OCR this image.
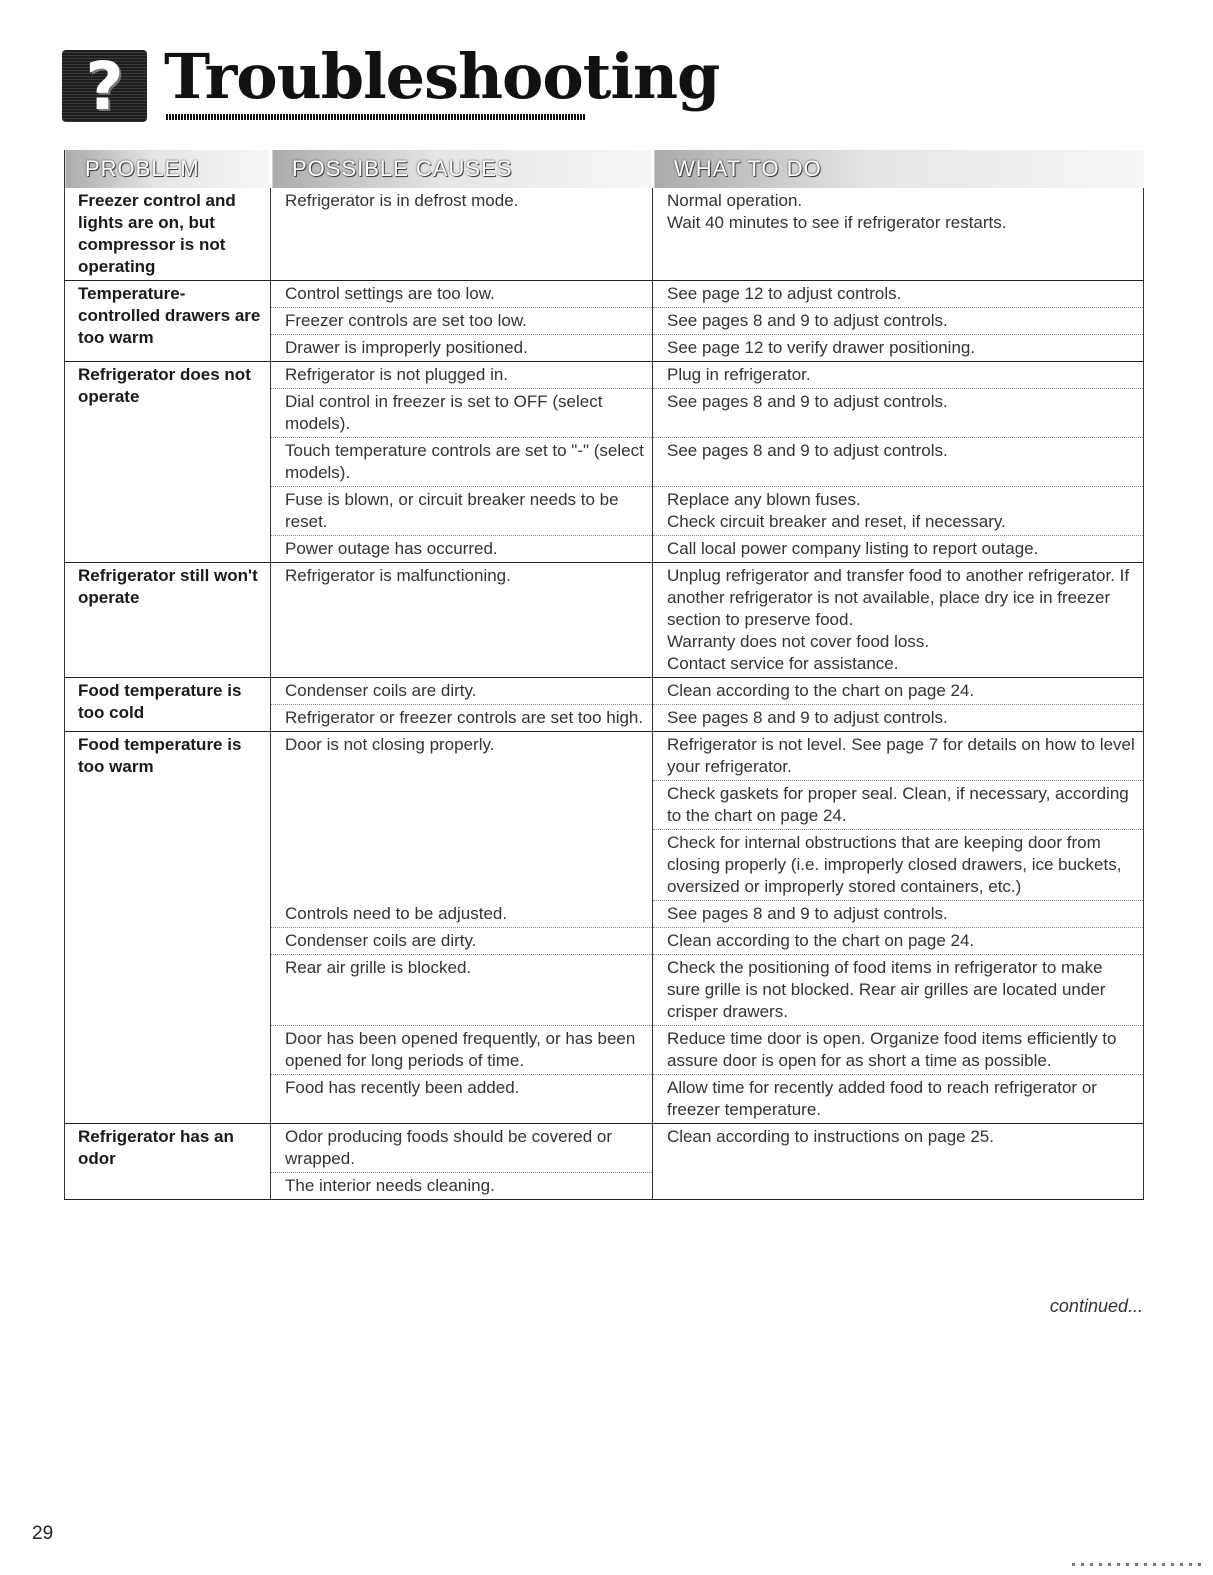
? Troubleshooting
PROBLEM	POSSIBLE CAUSES	WHAT TO DO
Freezer control and lights are on, but compressor is not operating	Refrigerator is in defrost mode.	Normal operation.
Wait 40 minutes to see if refrigerator restarts.
Temperature-controlled drawers are too warm	Control settings are too low.	See page 12 to adjust controls.
	Freezer controls are set too low.	See pages 8 and 9 to adjust controls.
	Drawer is improperly positioned.	See page 12 to verify drawer positioning.
Refrigerator does not operate	Refrigerator is not plugged in.	Plug in refrigerator.
	Dial control in freezer is set to OFF (select models).	See pages 8 and 9 to adjust controls.
	Touch temperature controls are set to "-" (select models).	See pages 8 and 9 to adjust controls.
	Fuse is blown, or circuit breaker needs to be reset.	Replace any blown fuses.
Check circuit breaker and reset, if necessary.
	Power outage has occurred.	Call local power company listing to report outage.
Refrigerator still won't operate	Refrigerator is malfunctioning.	Unplug refrigerator and transfer food to another refrigerator. If another refrigerator is not available, place dry ice in freezer section to preserve food.
Warranty does not cover food loss.
Contact service for assistance.
Food temperature is too cold	Condenser coils are dirty.	Clean according to the chart on page 24.
	Refrigerator or freezer controls are set too high.	See pages 8 and 9 to adjust controls.
Food temperature is too warm	Door is not closing properly.	Refrigerator is not level. See page 7 for details on how to level your refrigerator.
		Check gaskets for proper seal. Clean, if necessary, according to the chart on page 24.
		Check for internal obstructions that are keeping door from closing properly (i.e. improperly closed drawers, ice buckets, oversized or improperly stored containers, etc.)
	Controls need to be adjusted.	See pages 8 and 9 to adjust controls.
	Condenser coils are dirty.	Clean according to the chart on page 24.
	Rear air grille is blocked.	Check the positioning of food items in refrigerator to make sure grille is not blocked. Rear air grilles are located under crisper drawers.
	Door has been opened frequently, or has been opened for long periods of time.	Reduce time door is open. Organize food items efficiently to assure door is open for as short a time as possible.
	Food has recently been added.	Allow time for recently added food to reach refrigerator or freezer temperature.
Refrigerator has an odor	Odor producing foods should be covered or wrapped.	Clean according to instructions on page 25.
	The interior needs cleaning.	
continued...
29
